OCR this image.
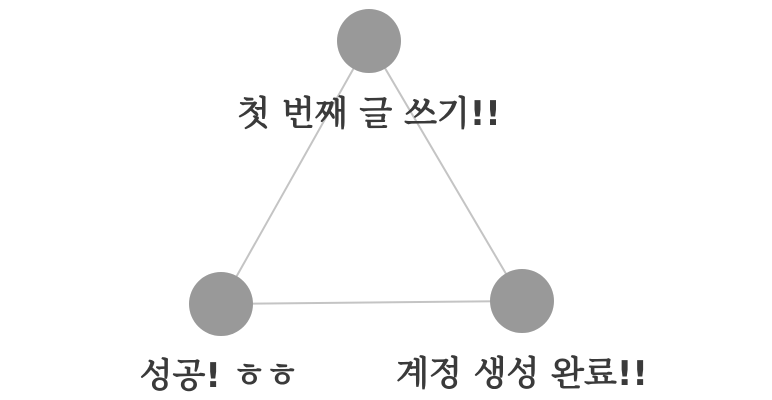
첫 번째 글 쓰기!!
성공! ㅎㅎ	계정 생성 완료!!
